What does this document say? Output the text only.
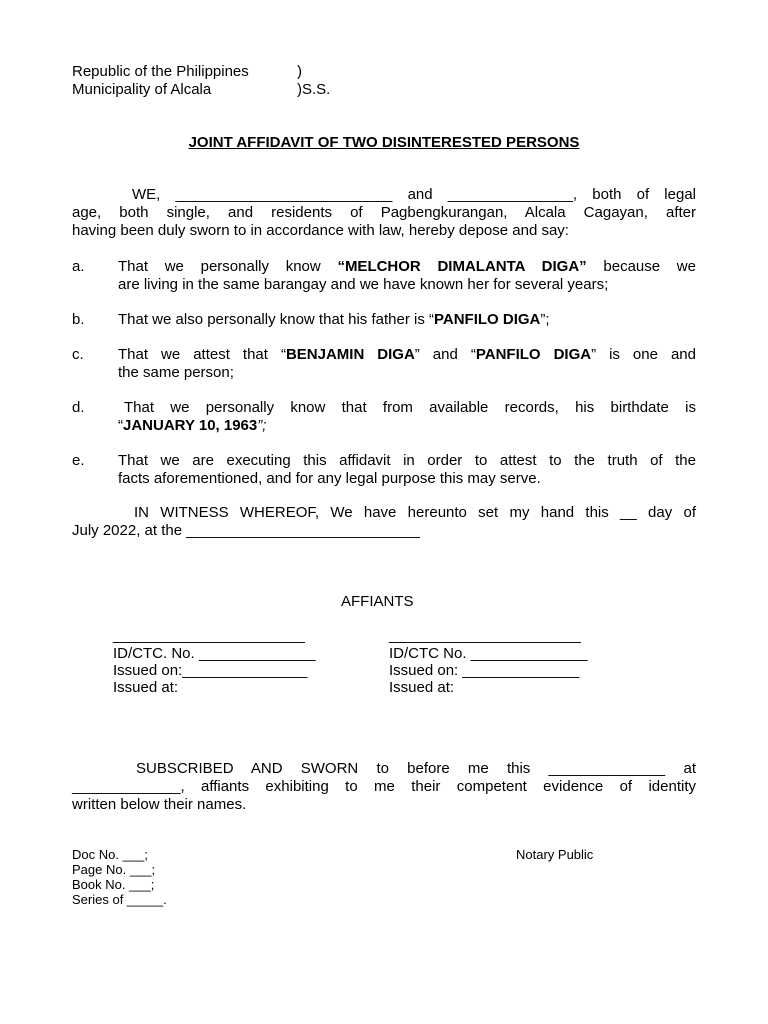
Republic of the Philippines	)
Municipality of Alcala	)S.S.
JOINT AFFIDAVIT OF TWO DISINTERESTED PERSONS
WE, __________________________ and _______________, both of legal
age, both single, and residents of Pagbengkurangan, Alcala Cagayan, after
having been duly sworn to in accordance with law, hereby depose and say:
a. That we personally know “MELCHOR DIMALANTA DIGA” because we
are living in the same barangay and we have known her for several years;
b. That we also personally know that his father is “PANFILO DIGA”;
c. That we attest that “BENJAMIN DIGA” and “PANFILO DIGA” is one and
the same person;
d.	That we personally know that from available records, his birthdate is
“JANUARY 10, 1963”;
e. That we are executing this affidavit in order to attest to the truth of the
facts aforementioned, and for any legal purpose this may serve.
IN WITNESS WHEREOF, We have hereunto set my hand this __ day of
July 2022, at the ____________________________
AFFIANTS
_______________________
ID/CTC. No. ______________
Issued on:_______________
Issued at:
_______________________
ID/CTC No. ______________
Issued on: ______________
Issued at:
SUBSCRIBED AND SWORN to before me this ______________ at
_____________, affiants exhibiting to me their competent evidence of identity
written below their names.
Doc No. ___;
Page No. ___;
Book No. ___;
Series of _____.
Notary Public
